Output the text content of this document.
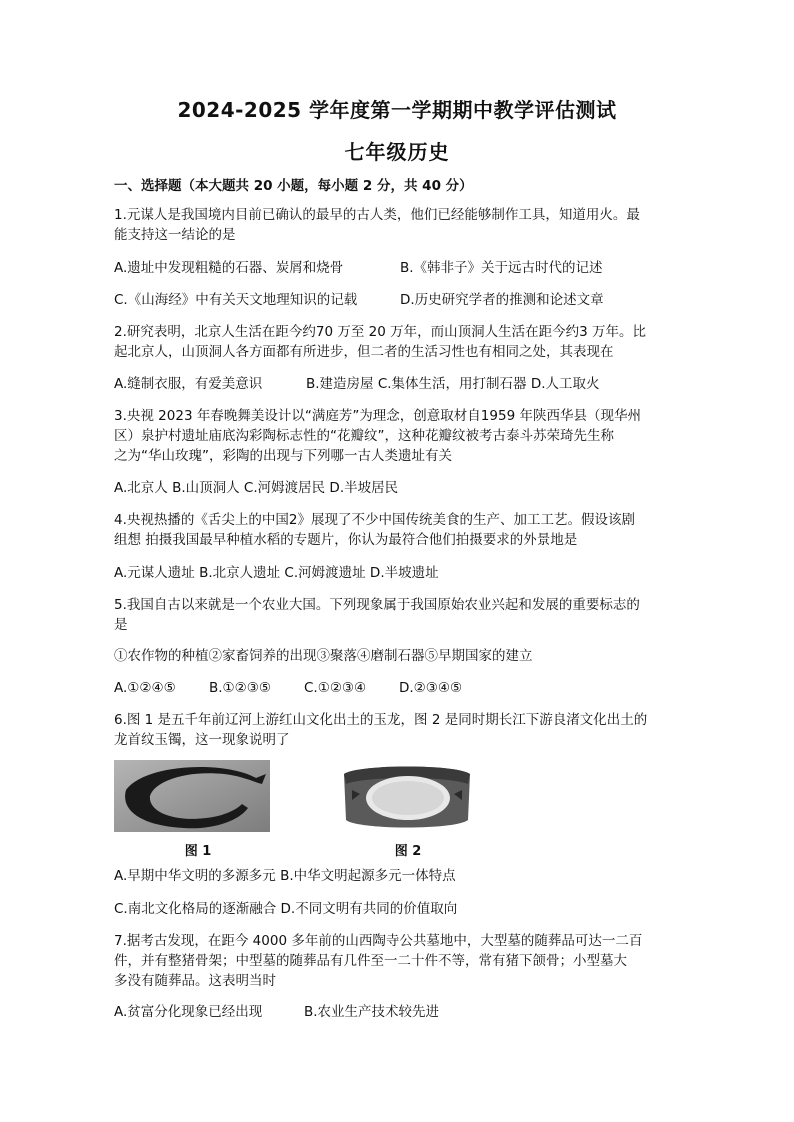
2024-2025 学年度第一学期期中教学评估测试
七年级历史
一、选择题（本大题共 20 小题，每小题 2 分，共 40 分）
1.元谋人是我国境内目前已确认的最早的古人类，他们已经能够制作工具，知道用火。最
能支持这一结论的是
A.遗址中发现粗糙的石器、炭屑和烧骨	B.《韩非子》关于远古时代的记述
C.《山海经》中有关天文地理知识的记载	D.历史研究学者的推测和论述文章
2.研究表明，北京人生活在距今约70 万至 20 万年，而山顶洞人生活在距今约3 万年。比
起北京人，山顶洞人各方面都有所进步，但二者的生活习性也有相同之处，其表现在
A.缝制衣服，有爱美意识	B.建造房屋 C.集体生活，用打制石器 D.人工取火
3.央视 2023 年春晚舞美设计以“满庭芳”为理念，创意取材自1959 年陕西华县（现华州
区）泉护村遗址庙底沟彩陶标志性的“花瓣纹”，这种花瓣纹被考古泰斗苏荣琦先生称
之为“华山玫瑰”，彩陶的出现与下列哪一古人类遗址有关
A.北京人 B.山顶洞人 C.河姆渡居民 D.半坡居民
4.央视热播的《舌尖上的中国2》展现了不少中国传统美食的生产、加工工艺。假设该剧
组想 拍摄我国最早种植水稻的专题片，你认为最符合他们拍摄要求的外景地是
A.元谋人遗址 B.北京人遗址 C.河姆渡遗址 D.半坡遗址
5.我国自古以来就是一个农业大国。下列现象属于我国原始农业兴起和发展的重要标志的
是
①农作物的种植②家畜饲养的出现③聚落④磨制石器⑤早期国家的建立
A.①②④⑤ B.①②③⑤ C.①②③④ D.②③④⑤
6.图 1 是五千年前辽河上游红山文化出土的玉龙，图 2 是同时期长江下游良渚文化出土的
龙首纹玉镯，这一现象说明了
图 1	图 2
A.早期中华文明的多源多元 B.中华文明起源多元一体特点
C.南北文化格局的逐渐融合 D.不同文明有共同的价值取向
7.据考古发现，在距今 4000 多年前的山西陶寺公共墓地中，大型墓的随葬品可达一二百
件，并有整猪骨架；中型墓的随葬品有几件至一二十件不等，常有猪下颌骨；小型墓大
多没有随葬品。这表明当时
A.贫富分化现象已经出现	B.农业生产技术较先进
